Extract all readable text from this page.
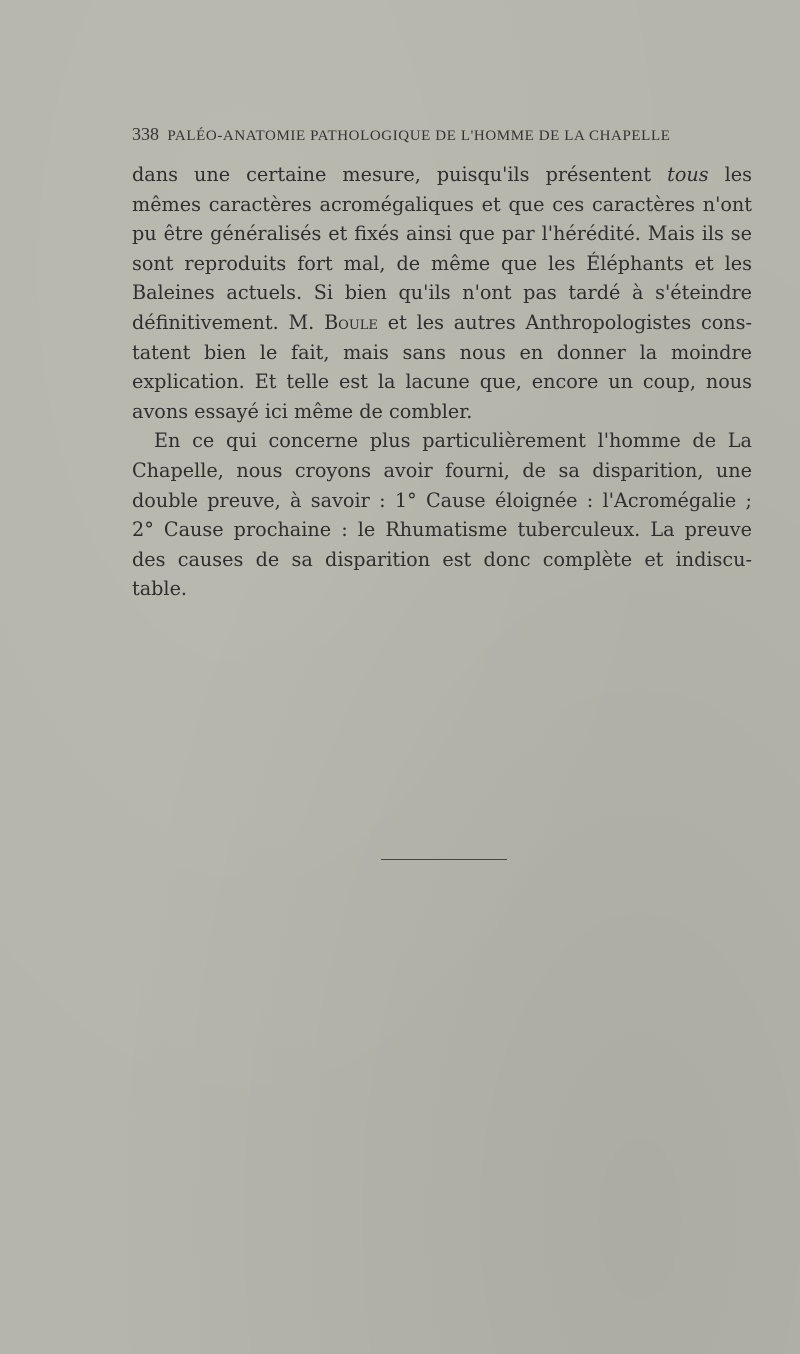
338 PALÉO-ANATOMIE PATHOLOGIQUE DE L'HOMME DE LA CHAPELLE
dans une certaine mesure, puisqu'ils présentent tous les
mêmes caractères acromégaliques et que ces caractères n'ont
pu être généralisés et fixés ainsi que par l'hérédité. Mais ils se
sont reproduits fort mal, de même que les Éléphants et les
Baleines actuels. Si bien qu'ils n'ont pas tardé à s'éteindre
définitivement. M. Boule et les autres Anthropologistes cons-
tatent bien le fait, mais sans nous en donner la moindre
explication. Et telle est la lacune que, encore un coup, nous
avons essayé ici même de combler.
En ce qui concerne plus particulièrement l'homme de La
Chapelle, nous croyons avoir fourni, de sa disparition, une
double preuve, à savoir : 1° Cause éloignée : l'Acromégalie ;
2° Cause prochaine : le Rhumatisme tuberculeux. La preuve
des causes de sa disparition est donc complète et indiscu-
table.
